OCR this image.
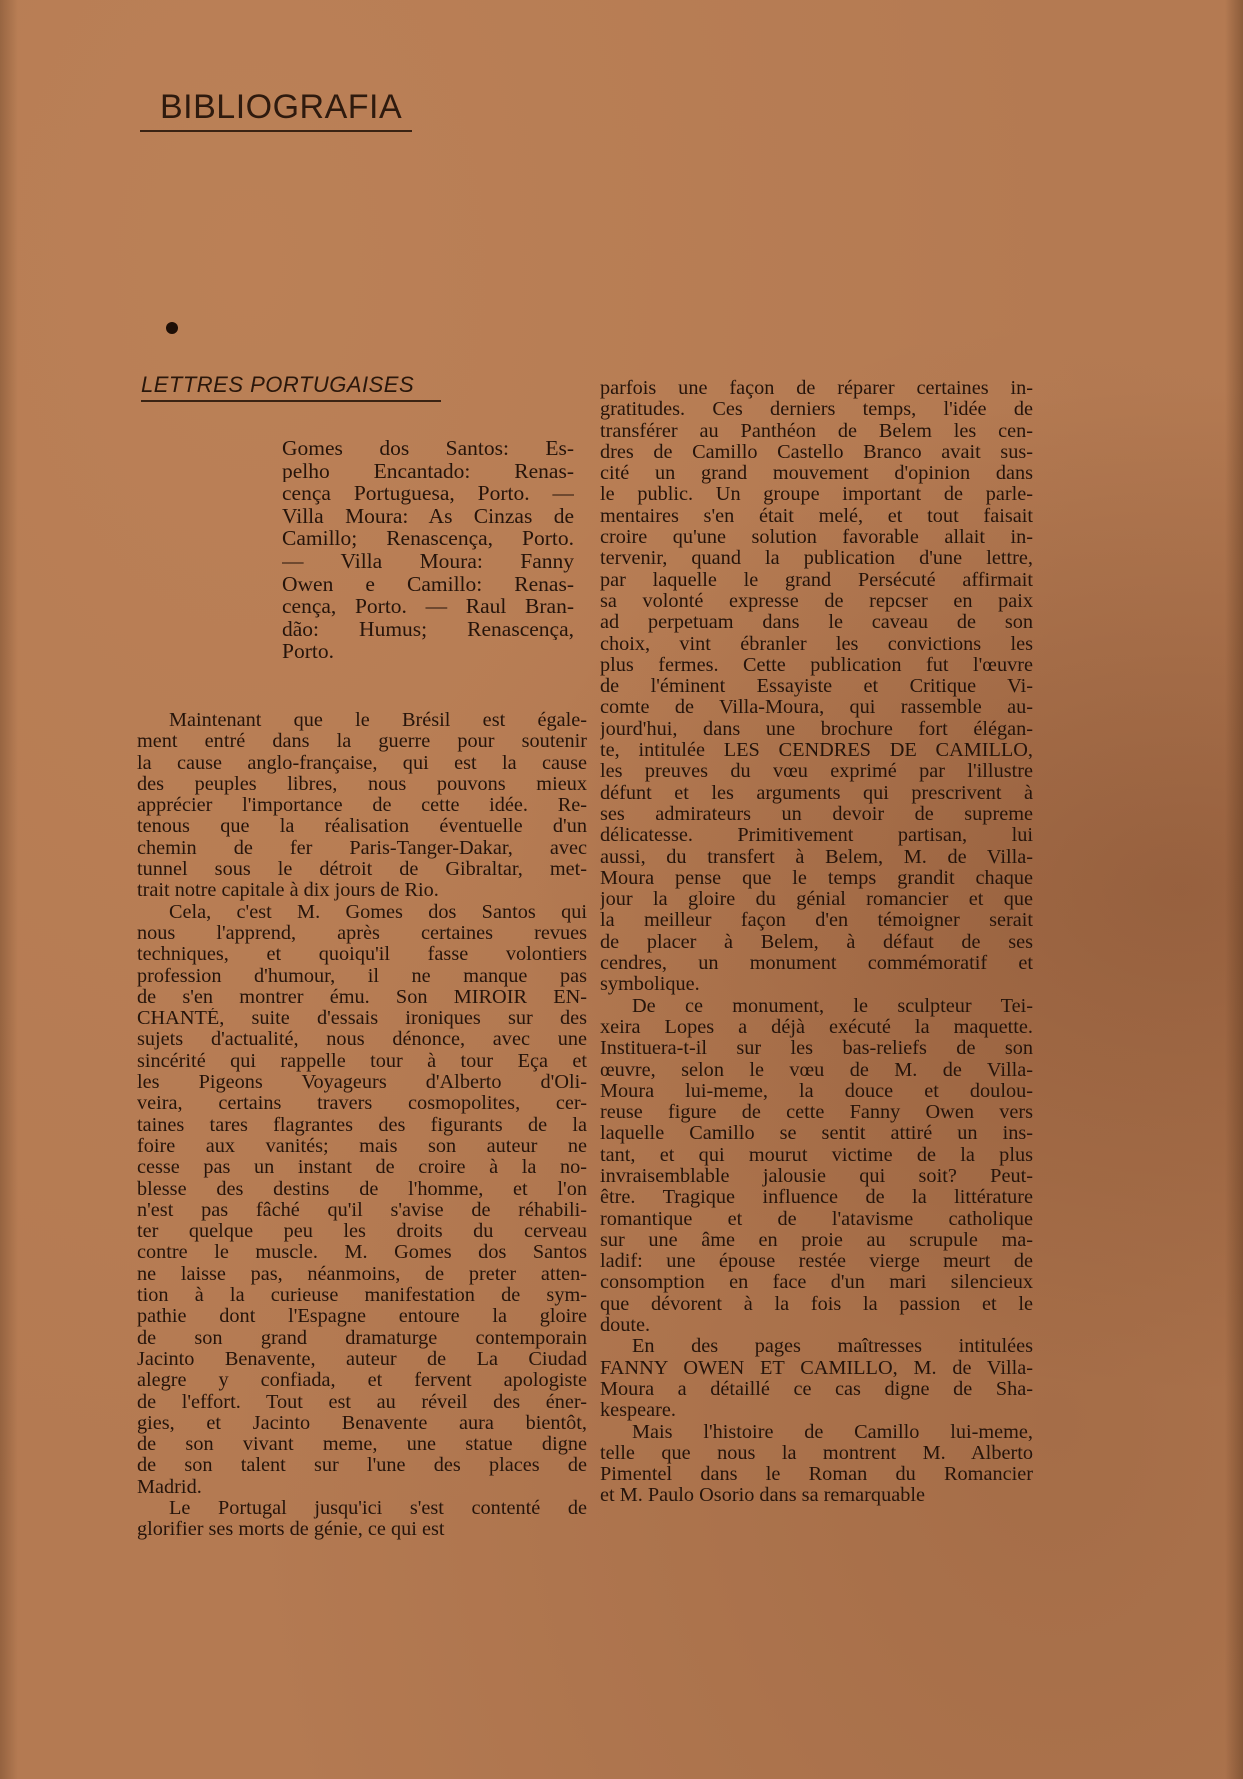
BIBLIOGRAFIA
LETTRES PORTUGAISES
Gomes dos Santos: Es-
pelho Encantado: Renas-
cença Portuguesa, Porto. —
Villa Moura: As Cinzas de
Camillo; Renascença, Porto.
— Villa Moura: Fanny
Owen e Camillo: Renas-
cença, Porto. — Raul Bran-
dão: Humus; Renascença,
Porto.
Maintenant que le Brésil est égale-
ment entré dans la guerre pour soutenir
la cause anglo-française, qui est la cause
des peuples libres, nous pouvons mieux
apprécier l'importance de cette idée. Re-
tenous que la réalisation éventuelle d'un
chemin de fer Paris-Tanger-Dakar, avec
tunnel sous le détroit de Gibraltar, met-
trait notre capitale à dix jours de Rio.
Cela, c'est M. Gomes dos Santos qui
nous l'apprend, après certaines revues
techniques, et quoiqu'il fasse volontiers
profession d'humour, il ne manque pas
de s'en montrer ému. Son MIROIR EN-
CHANTÉ, suite d'essais ironiques sur des
sujets d'actualité, nous dénonce, avec une
sincérité qui rappelle tour à tour Eça et
les Pigeons Voyageurs d'Alberto d'Oli-
veira, certains travers cosmopolites, cer-
taines tares flagrantes des figurants de la
foire aux vanités; mais son auteur ne
cesse pas un instant de croire à la no-
blesse des destins de l'homme, et l'on
n'est pas fâché qu'il s'avise de réhabili-
ter quelque peu les droits du cerveau
contre le muscle. M. Gomes dos Santos
ne laisse pas, néanmoins, de preter atten-
tion à la curieuse manifestation de sym-
pathie dont l'Espagne entoure la gloire
de son grand dramaturge contemporain
Jacinto Benavente, auteur de La Ciudad
alegre y confiada, et fervent apologiste
de l'effort. Tout est au réveil des éner-
gies, et Jacinto Benavente aura bientôt,
de son vivant meme, une statue digne
de son talent sur l'une des places de
Madrid.
Le Portugal jusqu'ici s'est contenté de
glorifier ses morts de génie, ce qui est
parfois une façon de réparer certaines in-
gratitudes. Ces derniers temps, l'idée de
transférer au Panthéon de Belem les cen-
dres de Camillo Castello Branco avait sus-
cité un grand mouvement d'opinion dans
le public. Un groupe important de parle-
mentaires s'en était melé, et tout faisait
croire qu'une solution favorable allait in-
tervenir, quand la publication d'une lettre,
par laquelle le grand Persécuté affirmait
sa volonté expresse de repcser en paix
ad perpetuam dans le caveau de son
choix, vint ébranler les convictions les
plus fermes. Cette publication fut l'œuvre
de l'éminent Essayiste et Critique Vi-
comte de Villa-Moura, qui rassemble au-
jourd'hui, dans une brochure fort élégan-
te, intitulée LES CENDRES DE CAMILLO,
les preuves du vœu exprimé par l'illustre
défunt et les arguments qui prescrivent à
ses admirateurs un devoir de supreme
délicatesse. Primitivement partisan, lui
aussi, du transfert à Belem, M. de Villa-
Moura pense que le temps grandit chaque
jour la gloire du génial romancier et que
la meilleur façon d'en témoigner serait
de placer à Belem, à défaut de ses
cendres, un monument commémoratif et
symbolique.
De ce monument, le sculpteur Tei-
xeira Lopes a déjà exécuté la maquette.
Instituera-t-il sur les bas-reliefs de son
œuvre, selon le vœu de M. de Villa-
Moura lui-meme, la douce et doulou-
reuse figure de cette Fanny Owen vers
laquelle Camillo se sentit attiré un ins-
tant, et qui mourut victime de la plus
invraisemblable jalousie qui soit? Peut-
être. Tragique influence de la littérature
romantique et de l'atavisme catholique
sur une âme en proie au scrupule ma-
ladif: une épouse restée vierge meurt de
consomption en face d'un mari silencieux
que dévorent à la fois la passion et le
doute.
En des pages maîtresses intitulées
FANNY OWEN ET CAMILLO, M. de Villa-
Moura a détaillé ce cas digne de Sha-
kespeare.
Mais l'histoire de Camillo lui-meme,
telle que nous la montrent M. Alberto
Pimentel dans le Roman du Romancier
et M. Paulo Osorio dans sa remarquable
